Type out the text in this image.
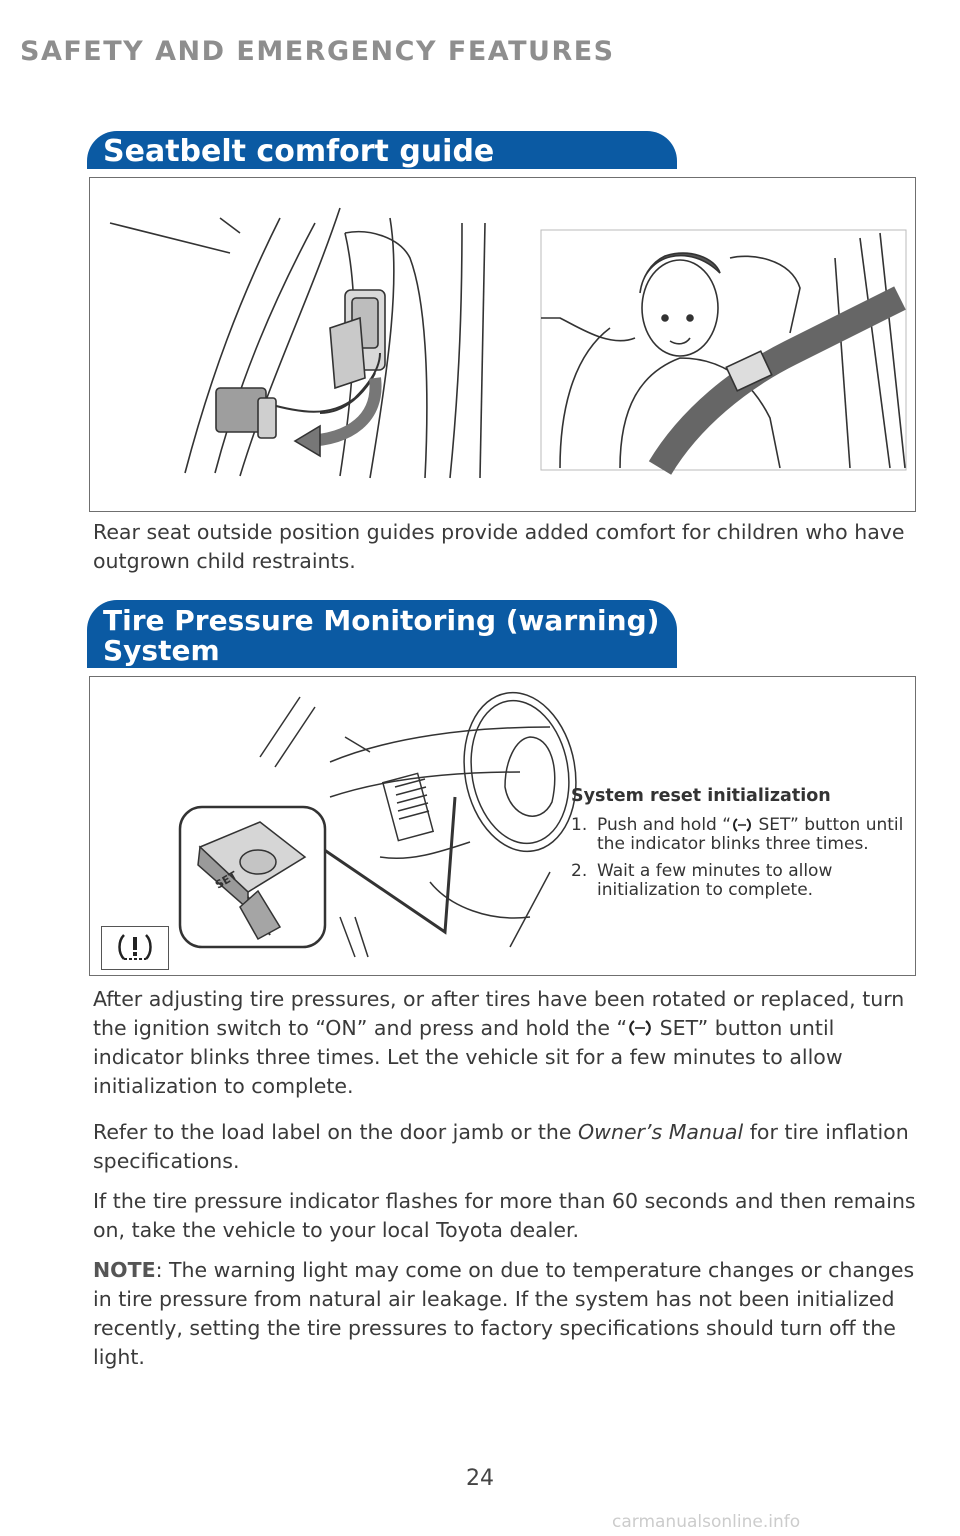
SAFETY AND EMERGENCY FEATURES
Seatbelt comfort guide

Rear seat outside position guides provide added comfort for children who have outgrown child restraints.

Tire Pressure Monitoring (warning)
System
SET
System reset initialization
1. Push and hold “ SET” button until the indicator blinks three times.
2. Wait a few minutes to allow initialization to complete.

After adjusting tire pressures, or after tires have been rotated or replaced, turn the ignition switch to “ON” and press and hold the “ SET” button until indicator blinks three times. Let the vehicle sit for a few minutes to allow initialization to complete.

Refer to the load label on the door jamb or the Owner’s Manual for tire inflation specifications.

If the tire pressure indicator flashes for more than 60 seconds and then remains on, take the vehicle to your local Toyota dealer.

NOTE: The warning light may come on due to temperature changes or changes in tire pressure from natural air leakage. If the system has not been initialized recently, setting the tire pressures to factory specifications should turn off the light.

24
carmanualsonline.info
